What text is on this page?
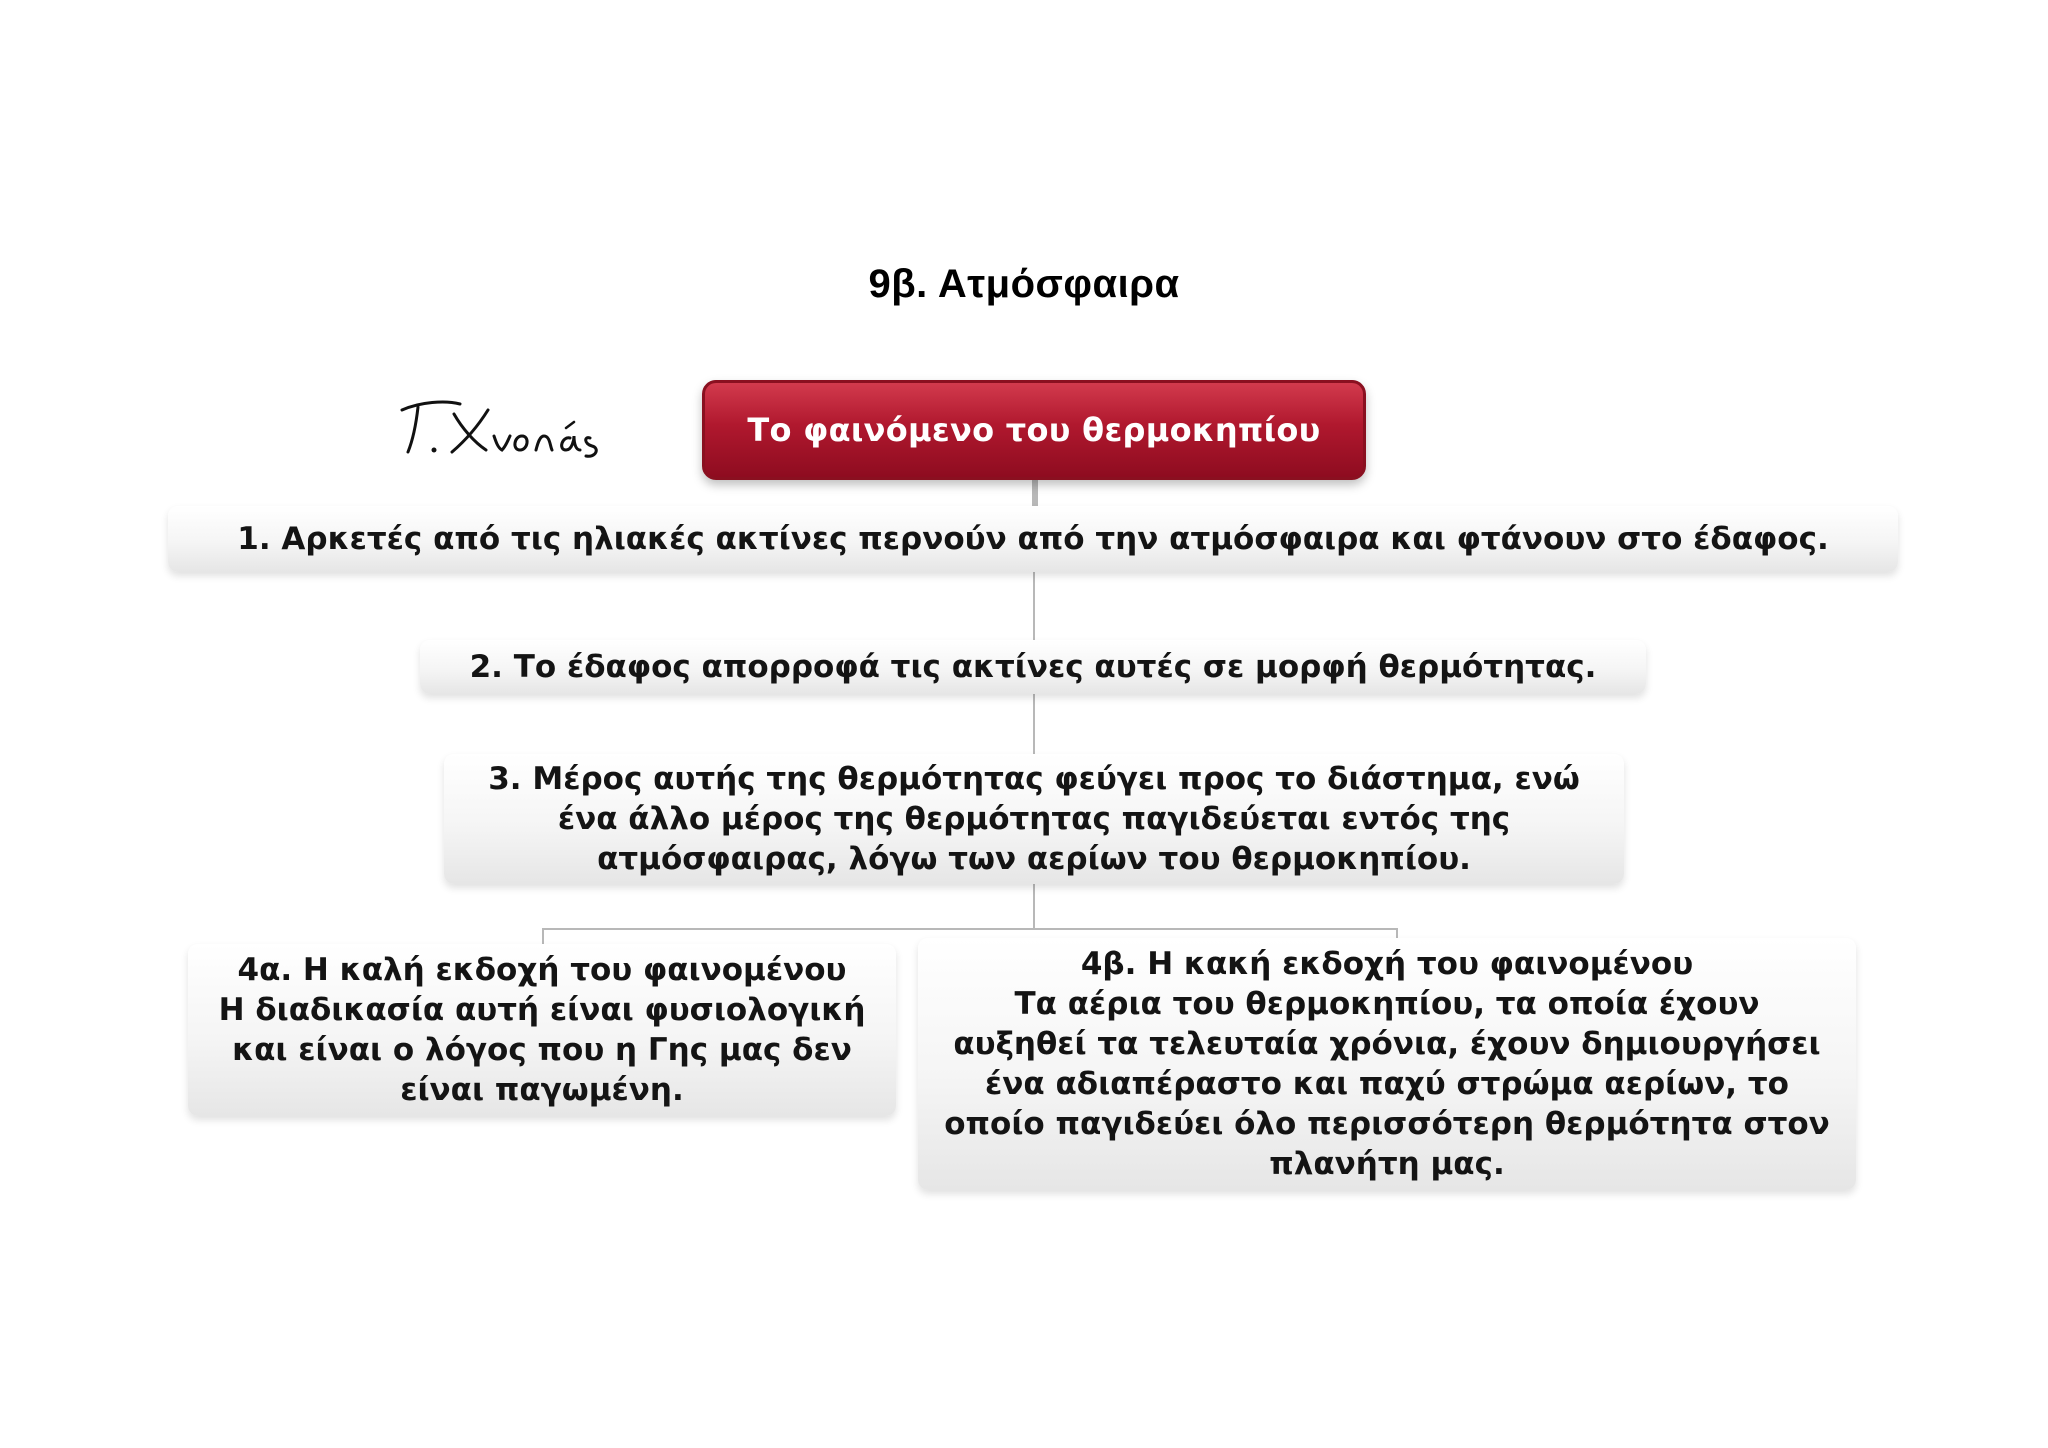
9β. Ατμόσφαιρα
Το φαινόμενο του θερμοκηπίου
1. Αρκετές από τις ηλιακές ακτίνες περνούν από την ατμόσφαιρα και φτάνουν στο έδαφος.
2. Το έδαφος απορροφά τις ακτίνες αυτές σε μορφή θερμότητας.
3. Μέρος αυτής της θερμότητας φεύγει προς το διάστημα, ενώ
ένα άλλο μέρος της θερμότητας παγιδεύεται εντός της
ατμόσφαιρας, λόγω των αερίων του θερμοκηπίου.
4α. Η καλή εκδοχή του φαινομένου
Η διαδικασία αυτή είναι φυσιολογική
και είναι ο λόγος που η Γης μας δεν
είναι παγωμένη.
4β. Η κακή εκδοχή του φαινομένου
Τα αέρια του θερμοκηπίου, τα οποία έχουν
αυξηθεί τα τελευταία χρόνια, έχουν δημιουργήσει
ένα αδιαπέραστο και παχύ στρώμα αερίων, το
οποίο παγιδεύει όλο περισσότερη θερμότητα στον
πλανήτη μας.
